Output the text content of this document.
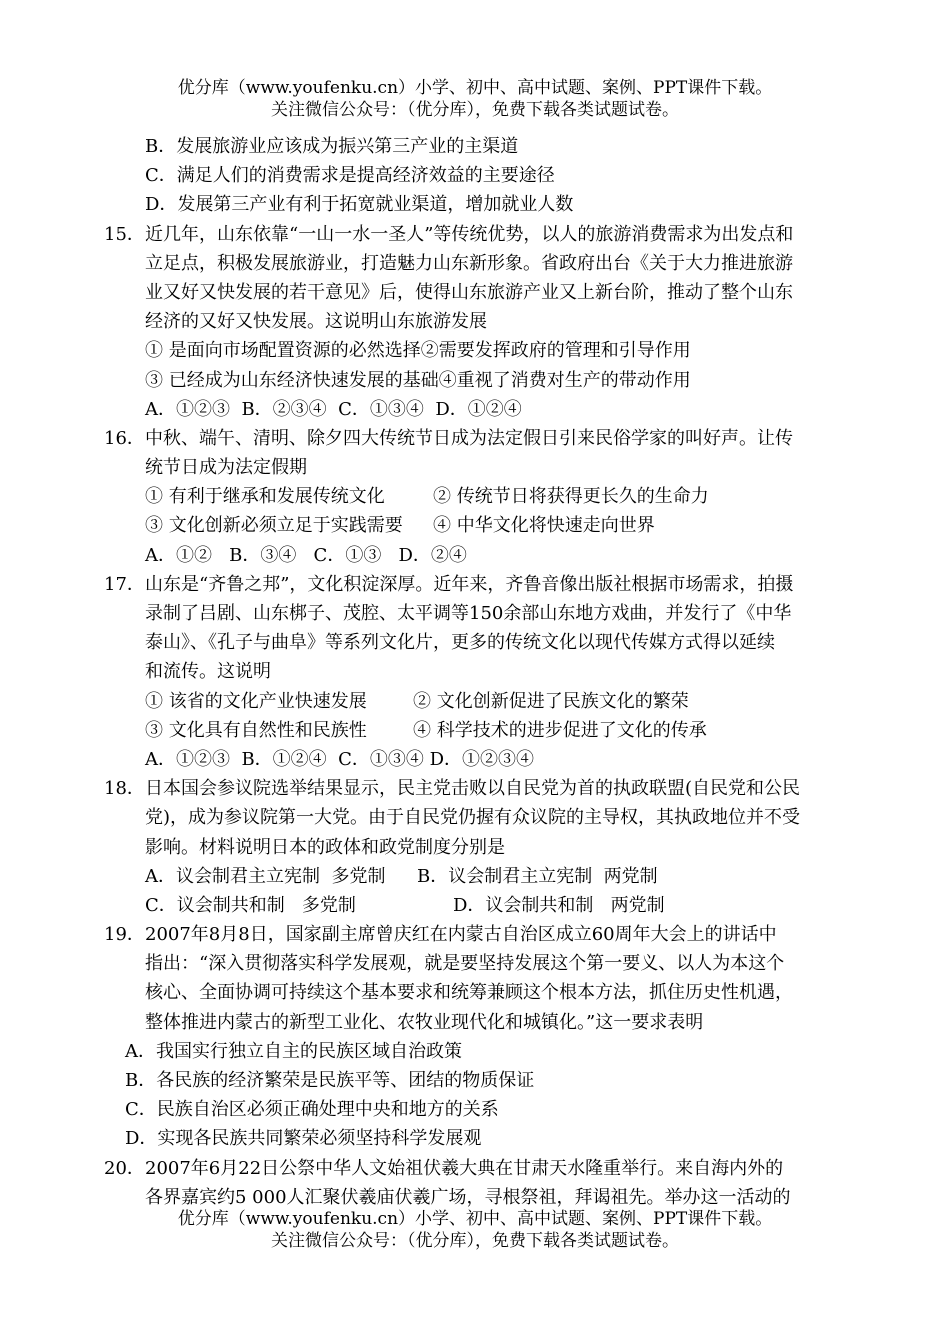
优分库（www.youfenku.cn）小学、初中、高中试题、案例、PPT课件下载。
关注微信公众号：（优分库），免费下载各类试题试卷。
B．发展旅游业应该成为振兴第三产业的主渠道
C．满足人们的消费需求是提高经济效益的主要途径
D．发展第三产业有利于拓宽就业渠道，增加就业人数
15．近几年，山东依靠“一山一水一圣人”等传统优势，以人的旅游消费需求为出发点和
立足点，积极发展旅游业，打造魅力山东新形象。省政府出台《关于大力推进旅游
业又好又快发展的若干意见》后，使得山东旅游产业又上新台阶，推动了整个山东
经济的又好又快发展。这说明山东旅游发展
① 是面向市场配置资源的必然选择②需要发挥政府的管理和引导作用
③ 已经成为山东经济快速发展的基础④重视了消费对生产的带动作用
A．①②③  B．②③④  C．①③④  D．①②④
16．中秋、端午、清明、除夕四大传统节日成为法定假日引来民俗学家的叫好声。让传
统节日成为法定假期
① 有利于继承和发展传统文化	② 传统节日将获得更长久的生命力
③ 文化创新必须立足于实践需要 ④ 中华文化将快速走向世界
A．①②   B．③④   C．①③   D．②④
17．山东是“齐鲁之邦”，文化积淀深厚。近年来，齐鲁音像出版社根据市场需求，拍摄
录制了吕剧、山东梆子、茂腔、太平调等150余部山东地方戏曲，并发行了《中华
泰山》、《孔子与曲阜》等系列文化片，更多的传统文化以现代传媒方式得以延续
和流传。这说明
① 该省的文化产业快速发展	② 文化创新促进了民族文化的繁荣
③ 文化具有自然性和民族性	④ 科学技术的进步促进了文化的传承
A．①②③  B．①②④  C．①③④ D．①②③④
18．日本国会参议院选举结果显示，民主党击败以自民党为首的执政联盟(自民党和公民
党)，成为参议院第一大党。由于自民党仍握有众议院的主导权，其执政地位并不受
影响。材料说明日本的政体和政党制度分别是
A．议会制君主立宪制  多党制 B．议会制君主立宪制  两党制
C．议会制共和制   多党制	D．议会制共和制   两党制
19．2007年8月8日，国家副主席曾庆红在内蒙古自治区成立60周年大会上的讲话中
指出：“深入贯彻落实科学发展观，就是要坚持发展这个第一要义、以人为本这个
核心、全面协调可持续这个基本要求和统筹兼顾这个根本方法，抓住历史性机遇，
整体推进内蒙古的新型工业化、农牧业现代化和城镇化。”这一要求表明
A．我国实行独立自主的民族区域自治政策
B．各民族的经济繁荣是民族平等、团结的物质保证
C．民族自治区必须正确处理中央和地方的关系
D．实现各民族共同繁荣必须坚持科学发展观
20．2007年6月22日公祭中华人文始祖伏羲大典在甘肃天水隆重举行。来自海内外的
各界嘉宾约5 000人汇聚伏羲庙伏羲广场，寻根祭祖，拜谒祖先。举办这一活动的
优分库（www.youfenku.cn）小学、初中、高中试题、案例、PPT课件下载。
关注微信公众号：（优分库），免费下载各类试题试卷。
